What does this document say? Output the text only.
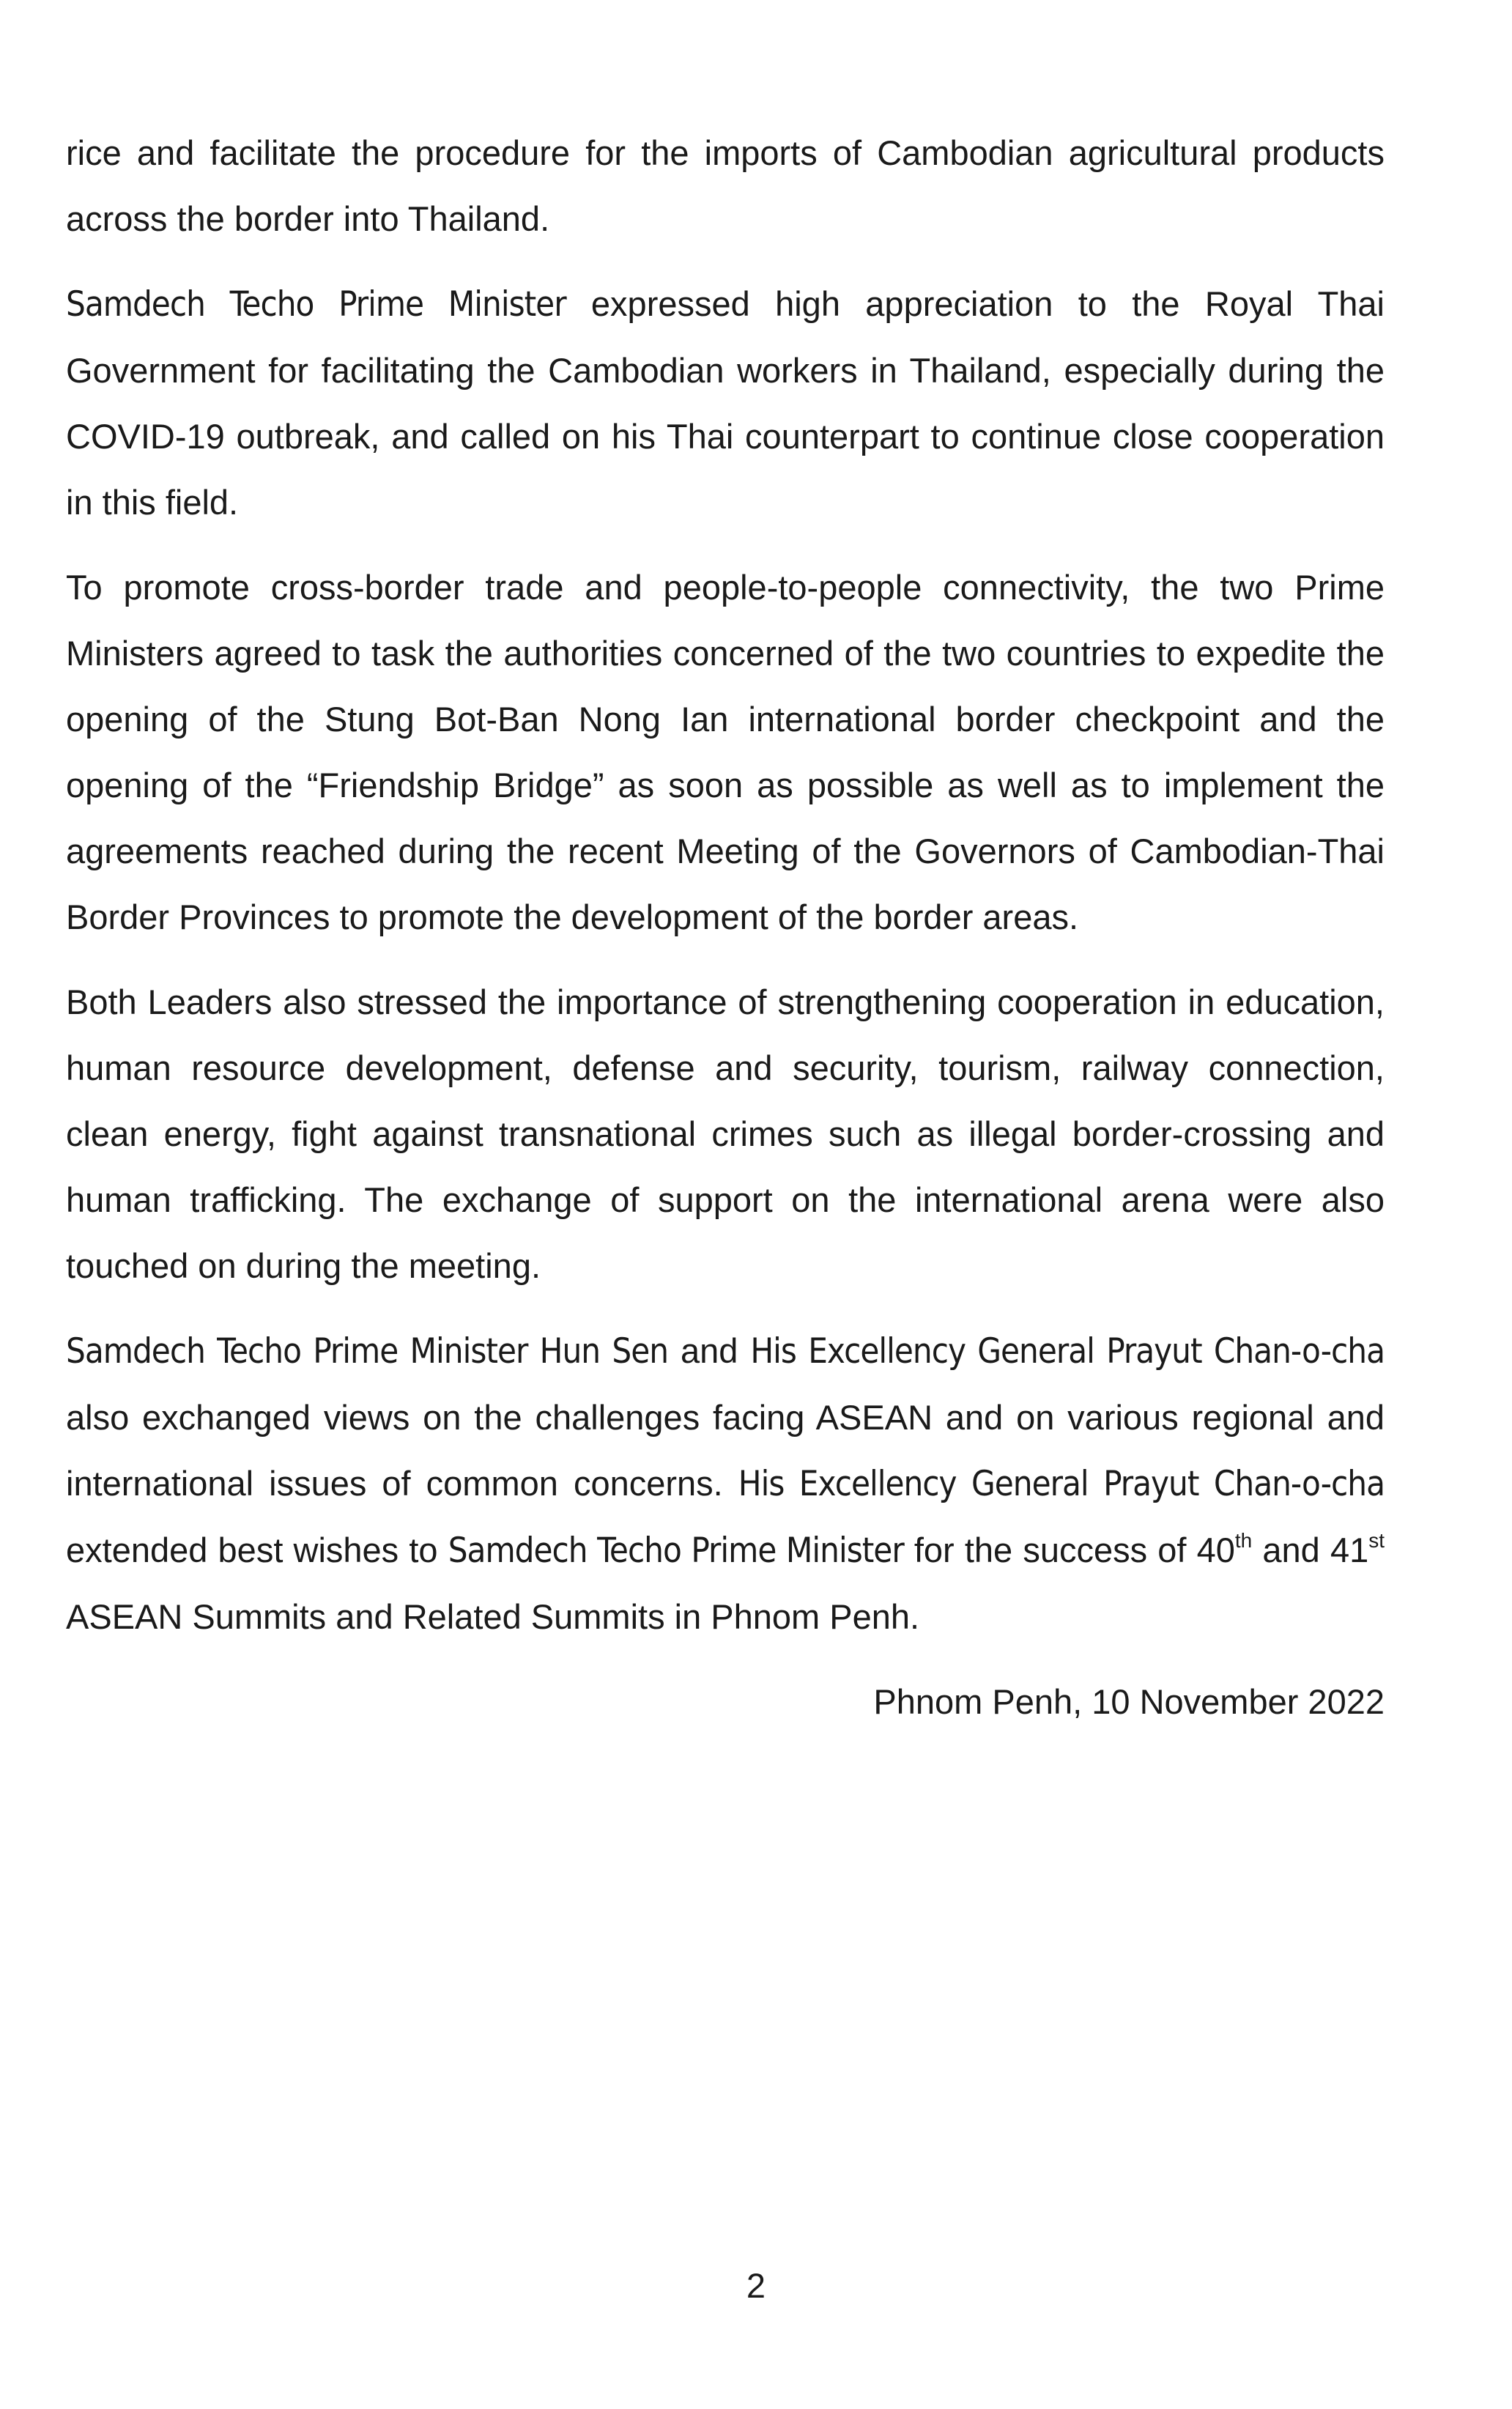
rice and facilitate the procedure for the imports of Cambodian agricultural products across the border into Thailand.

Samdech Techo Prime Minister expressed high appreciation to the Royal Thai Government for facilitating the Cambodian workers in Thailand, especially during the COVID-19 outbreak, and called on his Thai counterpart to continue close cooperation in this field.

To promote cross-border trade and people-to-people connectivity, the two Prime Ministers agreed to task the authorities concerned of the two countries to expedite the opening of the Stung Bot-Ban Nong Ian international border checkpoint and the opening of the “Friendship Bridge” as soon as possible as well as to implement the agreements reached during the recent Meeting of the Governors of Cambodian-Thai Border Provinces to promote the development of the border areas.

Both Leaders also stressed the importance of strengthening cooperation in education, human resource development, defense and security, tourism, railway connection, clean energy, fight against transnational crimes such as illegal border-crossing and human trafficking. The exchange of support on the international arena were also touched on during the meeting.

Samdech Techo Prime Minister Hun Sen and His Excellency General Prayut Chan-o-cha also exchanged views on the challenges facing ASEAN and on various regional and international issues of common concerns. His Excellency General Prayut Chan-o-cha extended best wishes to Samdech Techo Prime Minister for the success of 40th and 41st ASEAN Summits and Related Summits in Phnom Penh.

Phnom Penh, 10 November 2022

2
